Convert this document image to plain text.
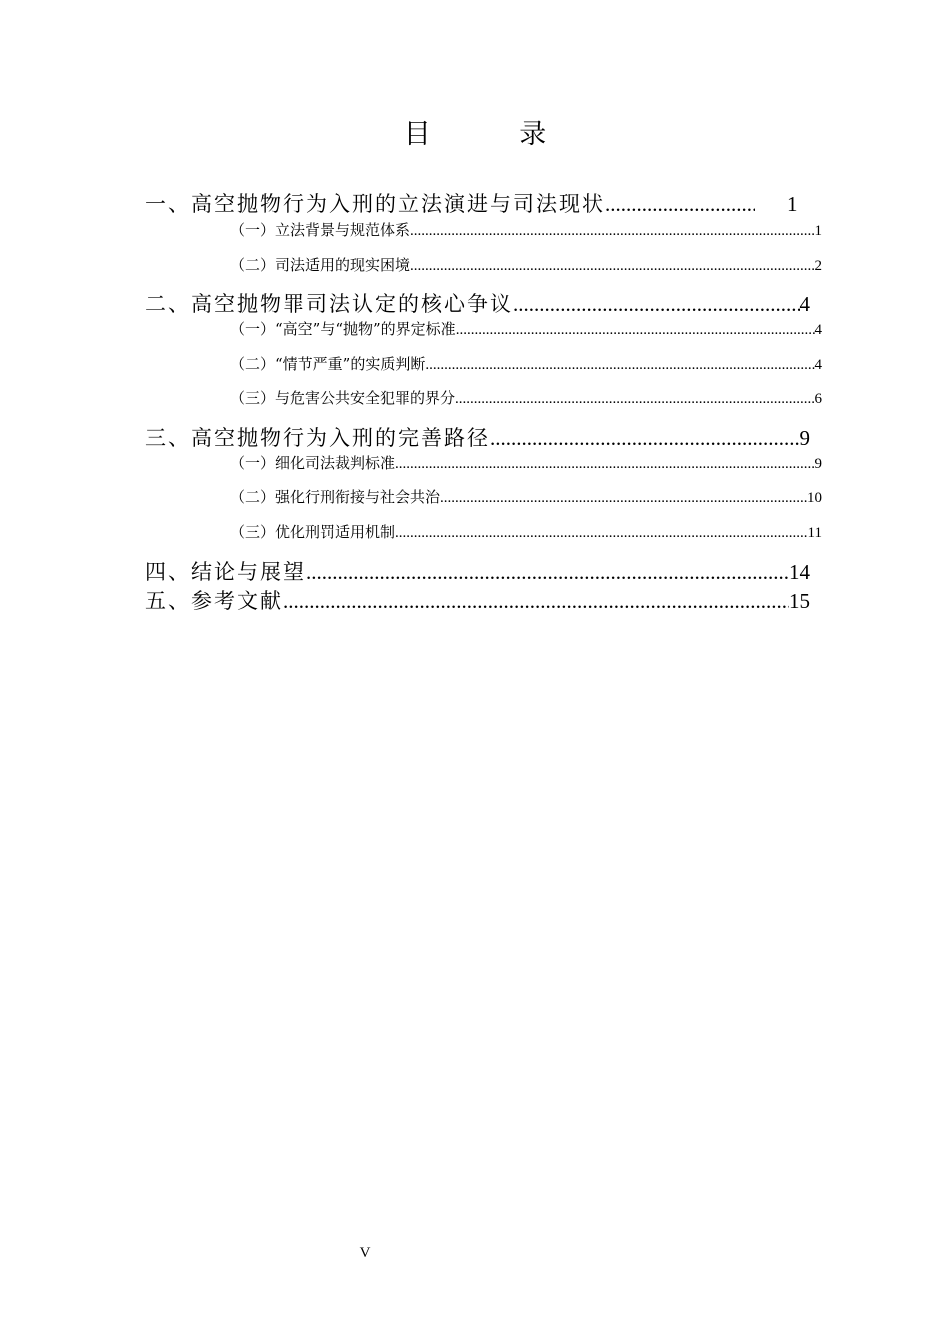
目 录
一、高空抛物行为入刑的立法演进与司法现状 .....	1
（一）立法背景与规范体系 .....	1
（二）司法适用的现实困境 .....	2
二、高空抛物罪司法认定的核心争议 .....	4
（一）“高空”与“抛物”的界定标准 .....	4
（二）“情节严重”的实质判断 .....	4
（三）与危害公共安全犯罪的界分 .....	6
三、高空抛物行为入刑的完善路径 .....	9
（一）细化司法裁判标准 .....	9
（二）强化行刑衔接与社会共治 .....	10
（三）优化刑罚适用机制 .....	11
四、结论与展望 .....	14
五、参考文献 .....	15
V
